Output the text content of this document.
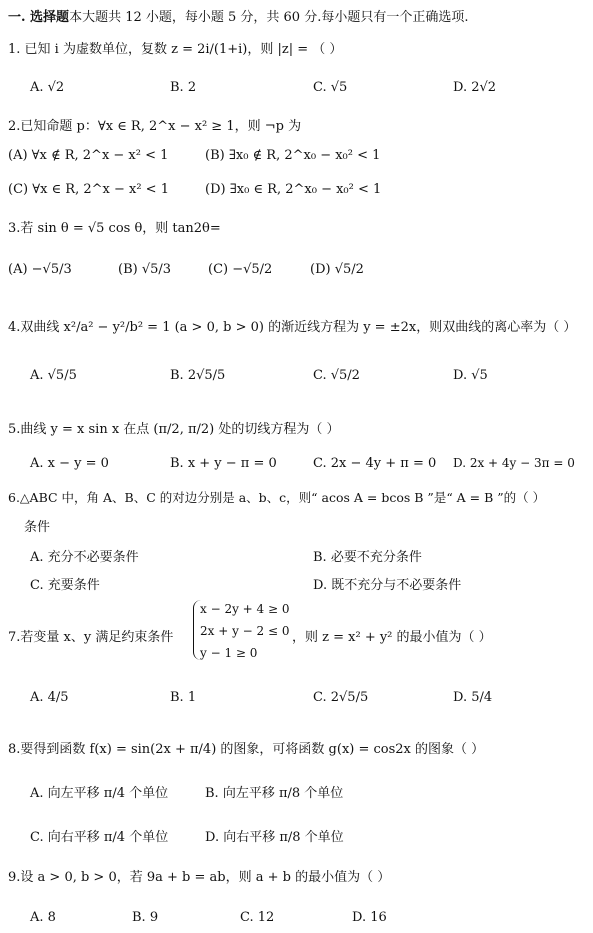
一. 选择题本大题共 12 小题，每小题 5 分，共 60 分.每小题只有一个正确选项.
1. 已知 i 为虚数单位，复数 z = 2i/(1+i)，则 |z| = （ ）
A. √2	B. 2	C. √5	D. 2√2
2.已知命题 p：∀x ∈ R, 2^x − x² ≥ 1，则 ¬p 为
(A) ∀x ∉ R, 2^x − x² < 1	(B) ∃x₀ ∉ R, 2^x₀ − x₀² < 1
(C) ∀x ∈ R, 2^x − x² < 1	(D) ∃x₀ ∈ R, 2^x₀ − x₀² < 1
3.若 sin θ = √5 cos θ，则 tan2θ=
(A) −√5/3	(B) √5/3	(C) −√5/2	(D) √5/2
4.双曲线 x²/a² − y²/b² = 1 (a > 0, b > 0) 的渐近线方程为 y = ±2x，则双曲线的离心率为（ ）
A. √5/5	B. 2√5/5	C. √5/2	D. √5
5.曲线 y = x sin x 在点 (π/2, π/2) 处的切线方程为（ ）
A. x − y = 0	B. x + y − π = 0	C. 2x − 4y + π = 0 D. 2x + 4y − 3π = 0
6.△ABC 中，角 A、B、C 的对边分别是 a、b、c，则“ acos A = bcos B ”是“ A = B ”的（ ）
条件
A. 充分不必要条件	B. 必要不充分条件
C. 充要条件	D. 既不充分与不必要条件
7.若变量 x、y 满足约束条件
x − 2y + 4 ≥ 0
2x + y − 2 ≤ 0
y − 1 ≥ 0
，则 z = x² + y² 的最小值为（ ）
A. 4/5	B. 1	C. 2√5/5	D. 5/4
8.要得到函数 f(x) = sin(2x + π/4) 的图象，可将函数 g(x) = cos2x 的图象（ ）
A. 向左平移 π/4 个单位	B. 向左平移 π/8 个单位
C. 向右平移 π/4 个单位	D. 向右平移 π/8 个单位
9.设 a > 0, b > 0，若 9a + b = ab，则 a + b 的最小值为（ ）
A. 8	B. 9	C. 12	D. 16
